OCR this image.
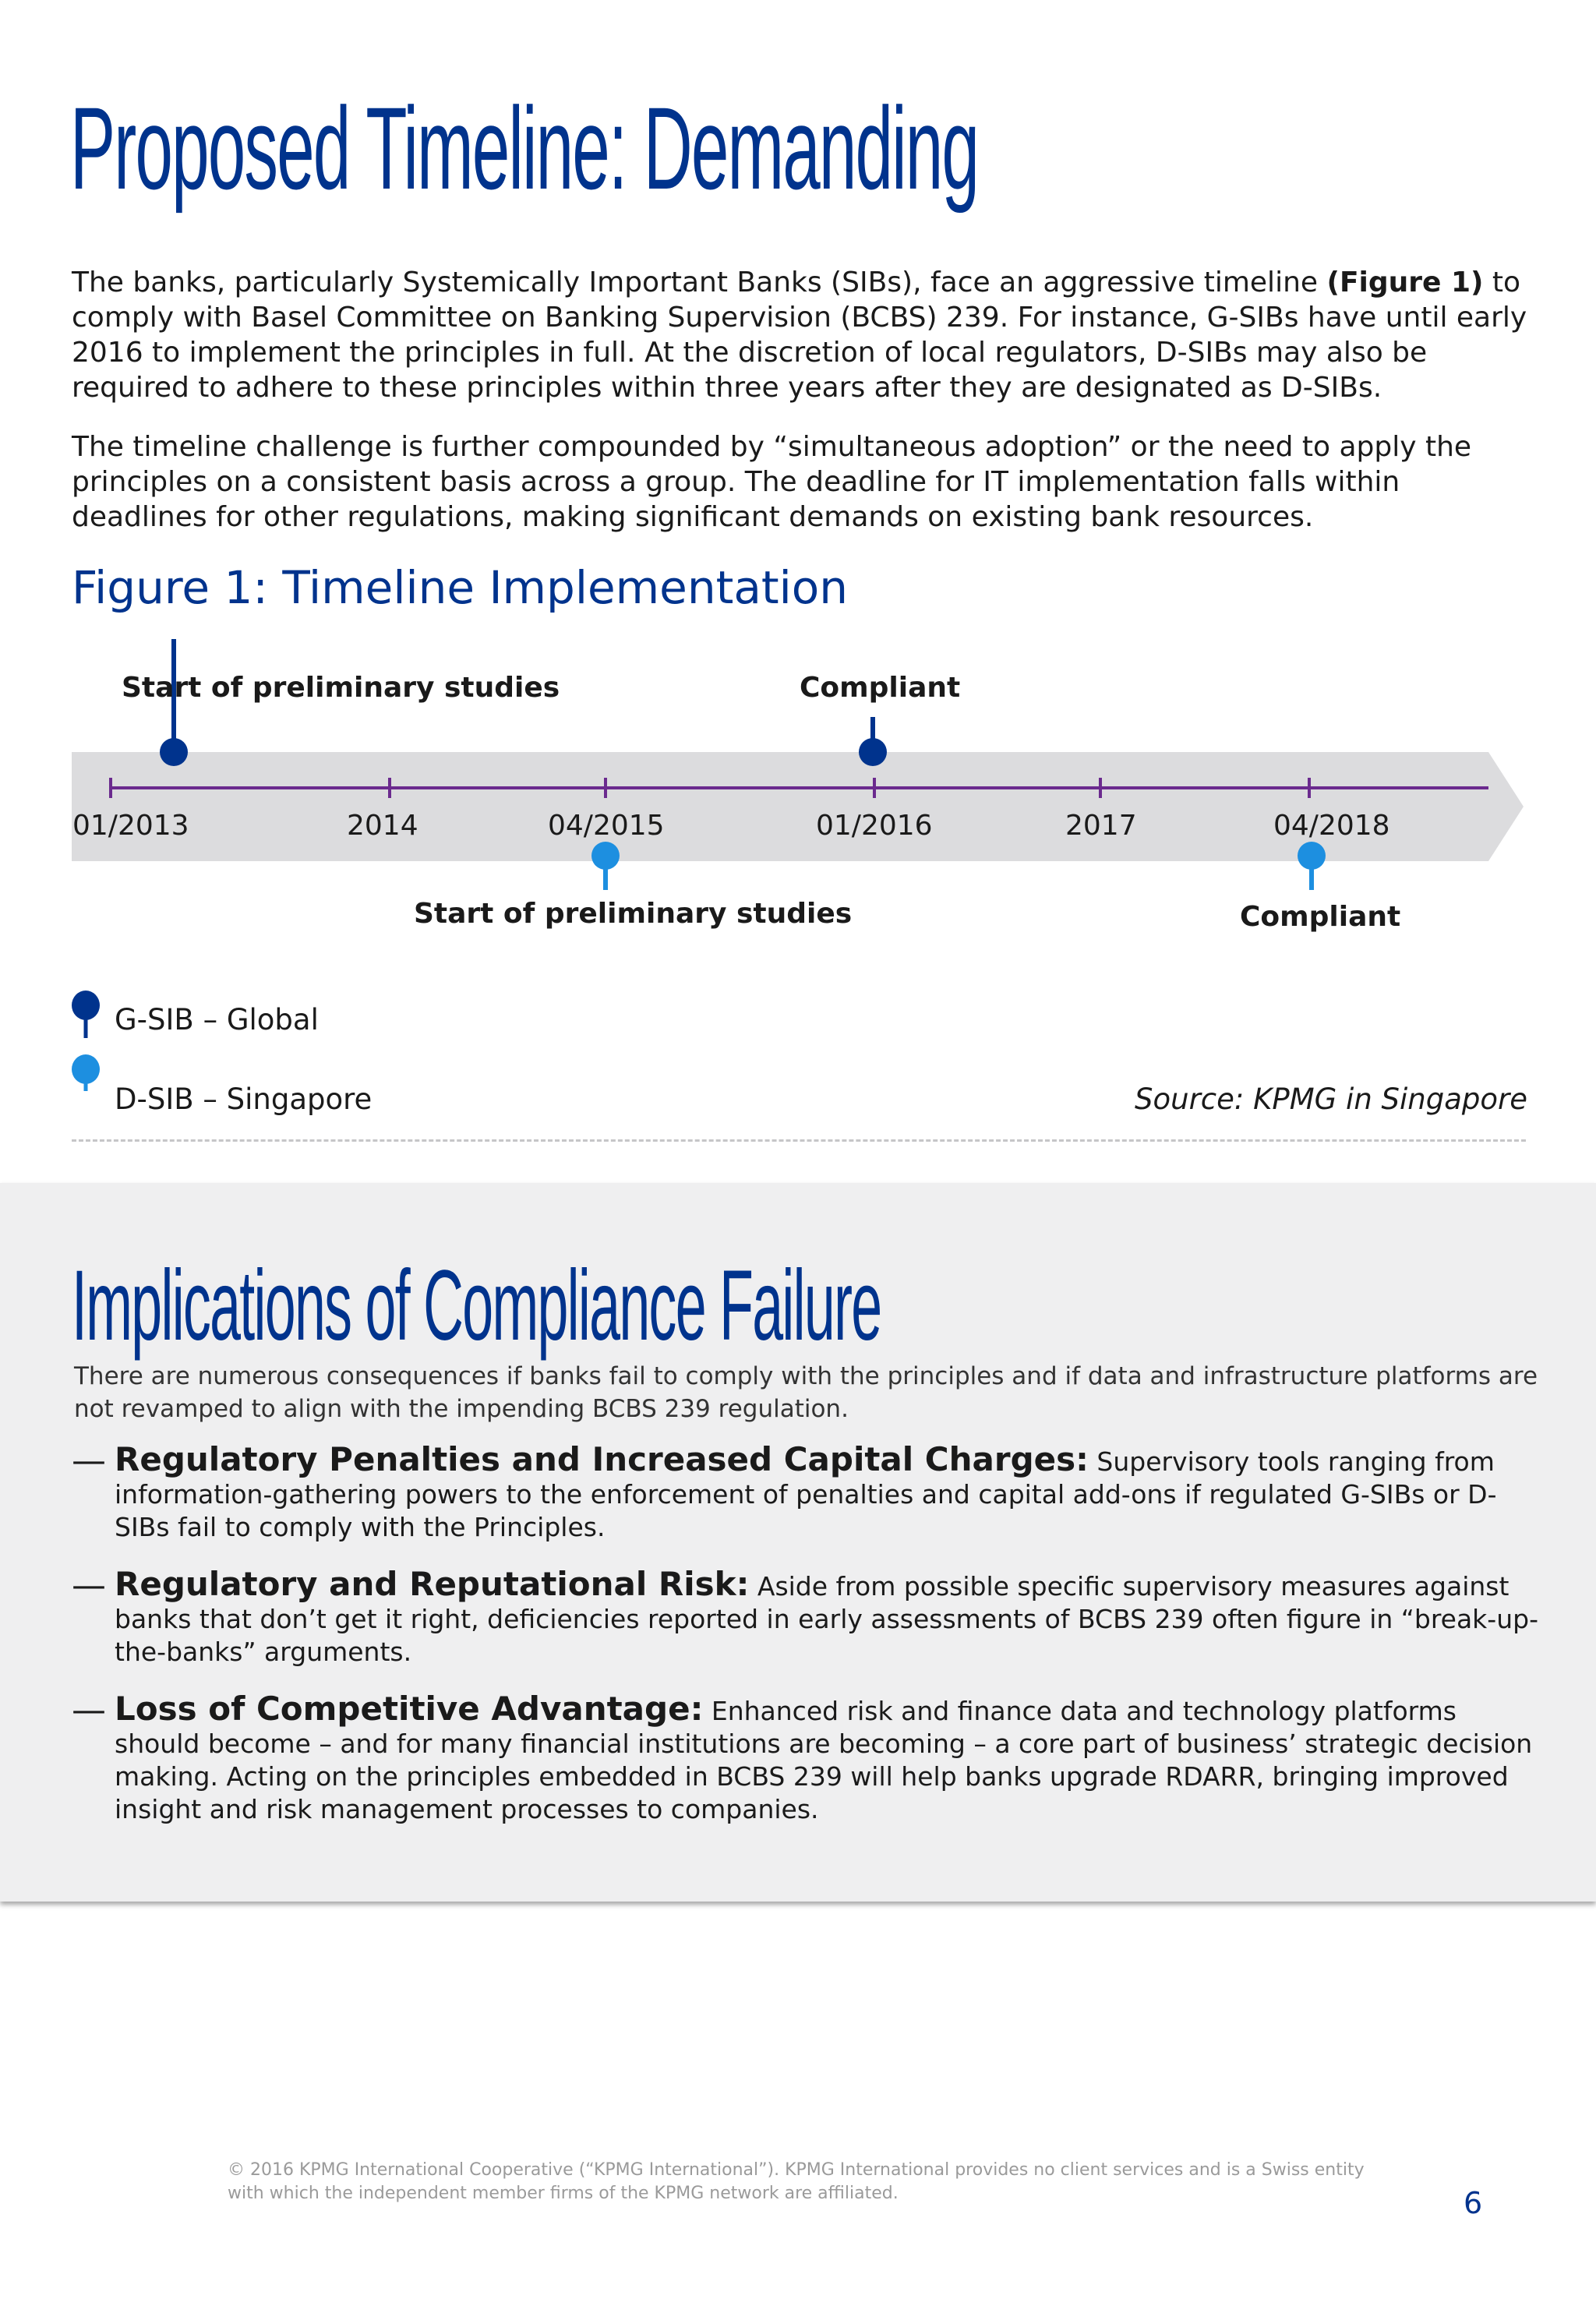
Proposed Timeline: Demanding

The banks, particularly Systemically Important Banks (SIBs), face an aggressive timeline (Figure 1) to comply with Basel Committee on Banking Supervision (BCBS) 239. For instance, G-SIBs have until early 2016 to implement the principles in full. At the discretion of local regulators, D-SIBs may also be required to adhere to these principles within three years after they are designated as D-SIBs.

The timeline challenge is further compounded by “simultaneous adoption” or the need to apply the principles on a consistent basis across a group. The deadline for IT implementation falls within deadlines for other regulations, making significant demands on existing bank resources.

Figure 1: Timeline Implementation
Start of preliminary studies	Compliant
Start of preliminary studies	Compliant
01/2013	2014	04/2015	01/2016	2017	04/2018
G-SIB – Global
D-SIB – Singapore	Source: KPMG in Singapore
Implications of Compliance Failure

There are numerous consequences if banks fail to comply with the principles and if data and infrastructure platforms are not revamped to align with the impending BCBS 239 regulation.

— Regulatory Penalties and Increased Capital Charges: Supervisory tools ranging from information-gathering powers to the enforcement of penalties and capital add-ons if regulated G-SIBs or D-SIBs fail to comply with the Principles.
— Regulatory and Reputational Risk: Aside from possible specific supervisory measures against banks that don’t get it right, deficiencies reported in early assessments of BCBS 239 often figure in “break-up-the-banks” arguments.
— Loss of Competitive Advantage: Enhanced risk and finance data and technology platforms should become – and for many financial institutions are becoming – a core part of business’ strategic decision making. Acting on the principles embedded in BCBS 239 will help banks upgrade RDARR, bringing improved insight and risk management processes to companies.
© 2016 KPMG International Cooperative (“KPMG International”). KPMG International provides no client services and is a Swiss entity with which the independent member firms of the KPMG network are affiliated.	6
